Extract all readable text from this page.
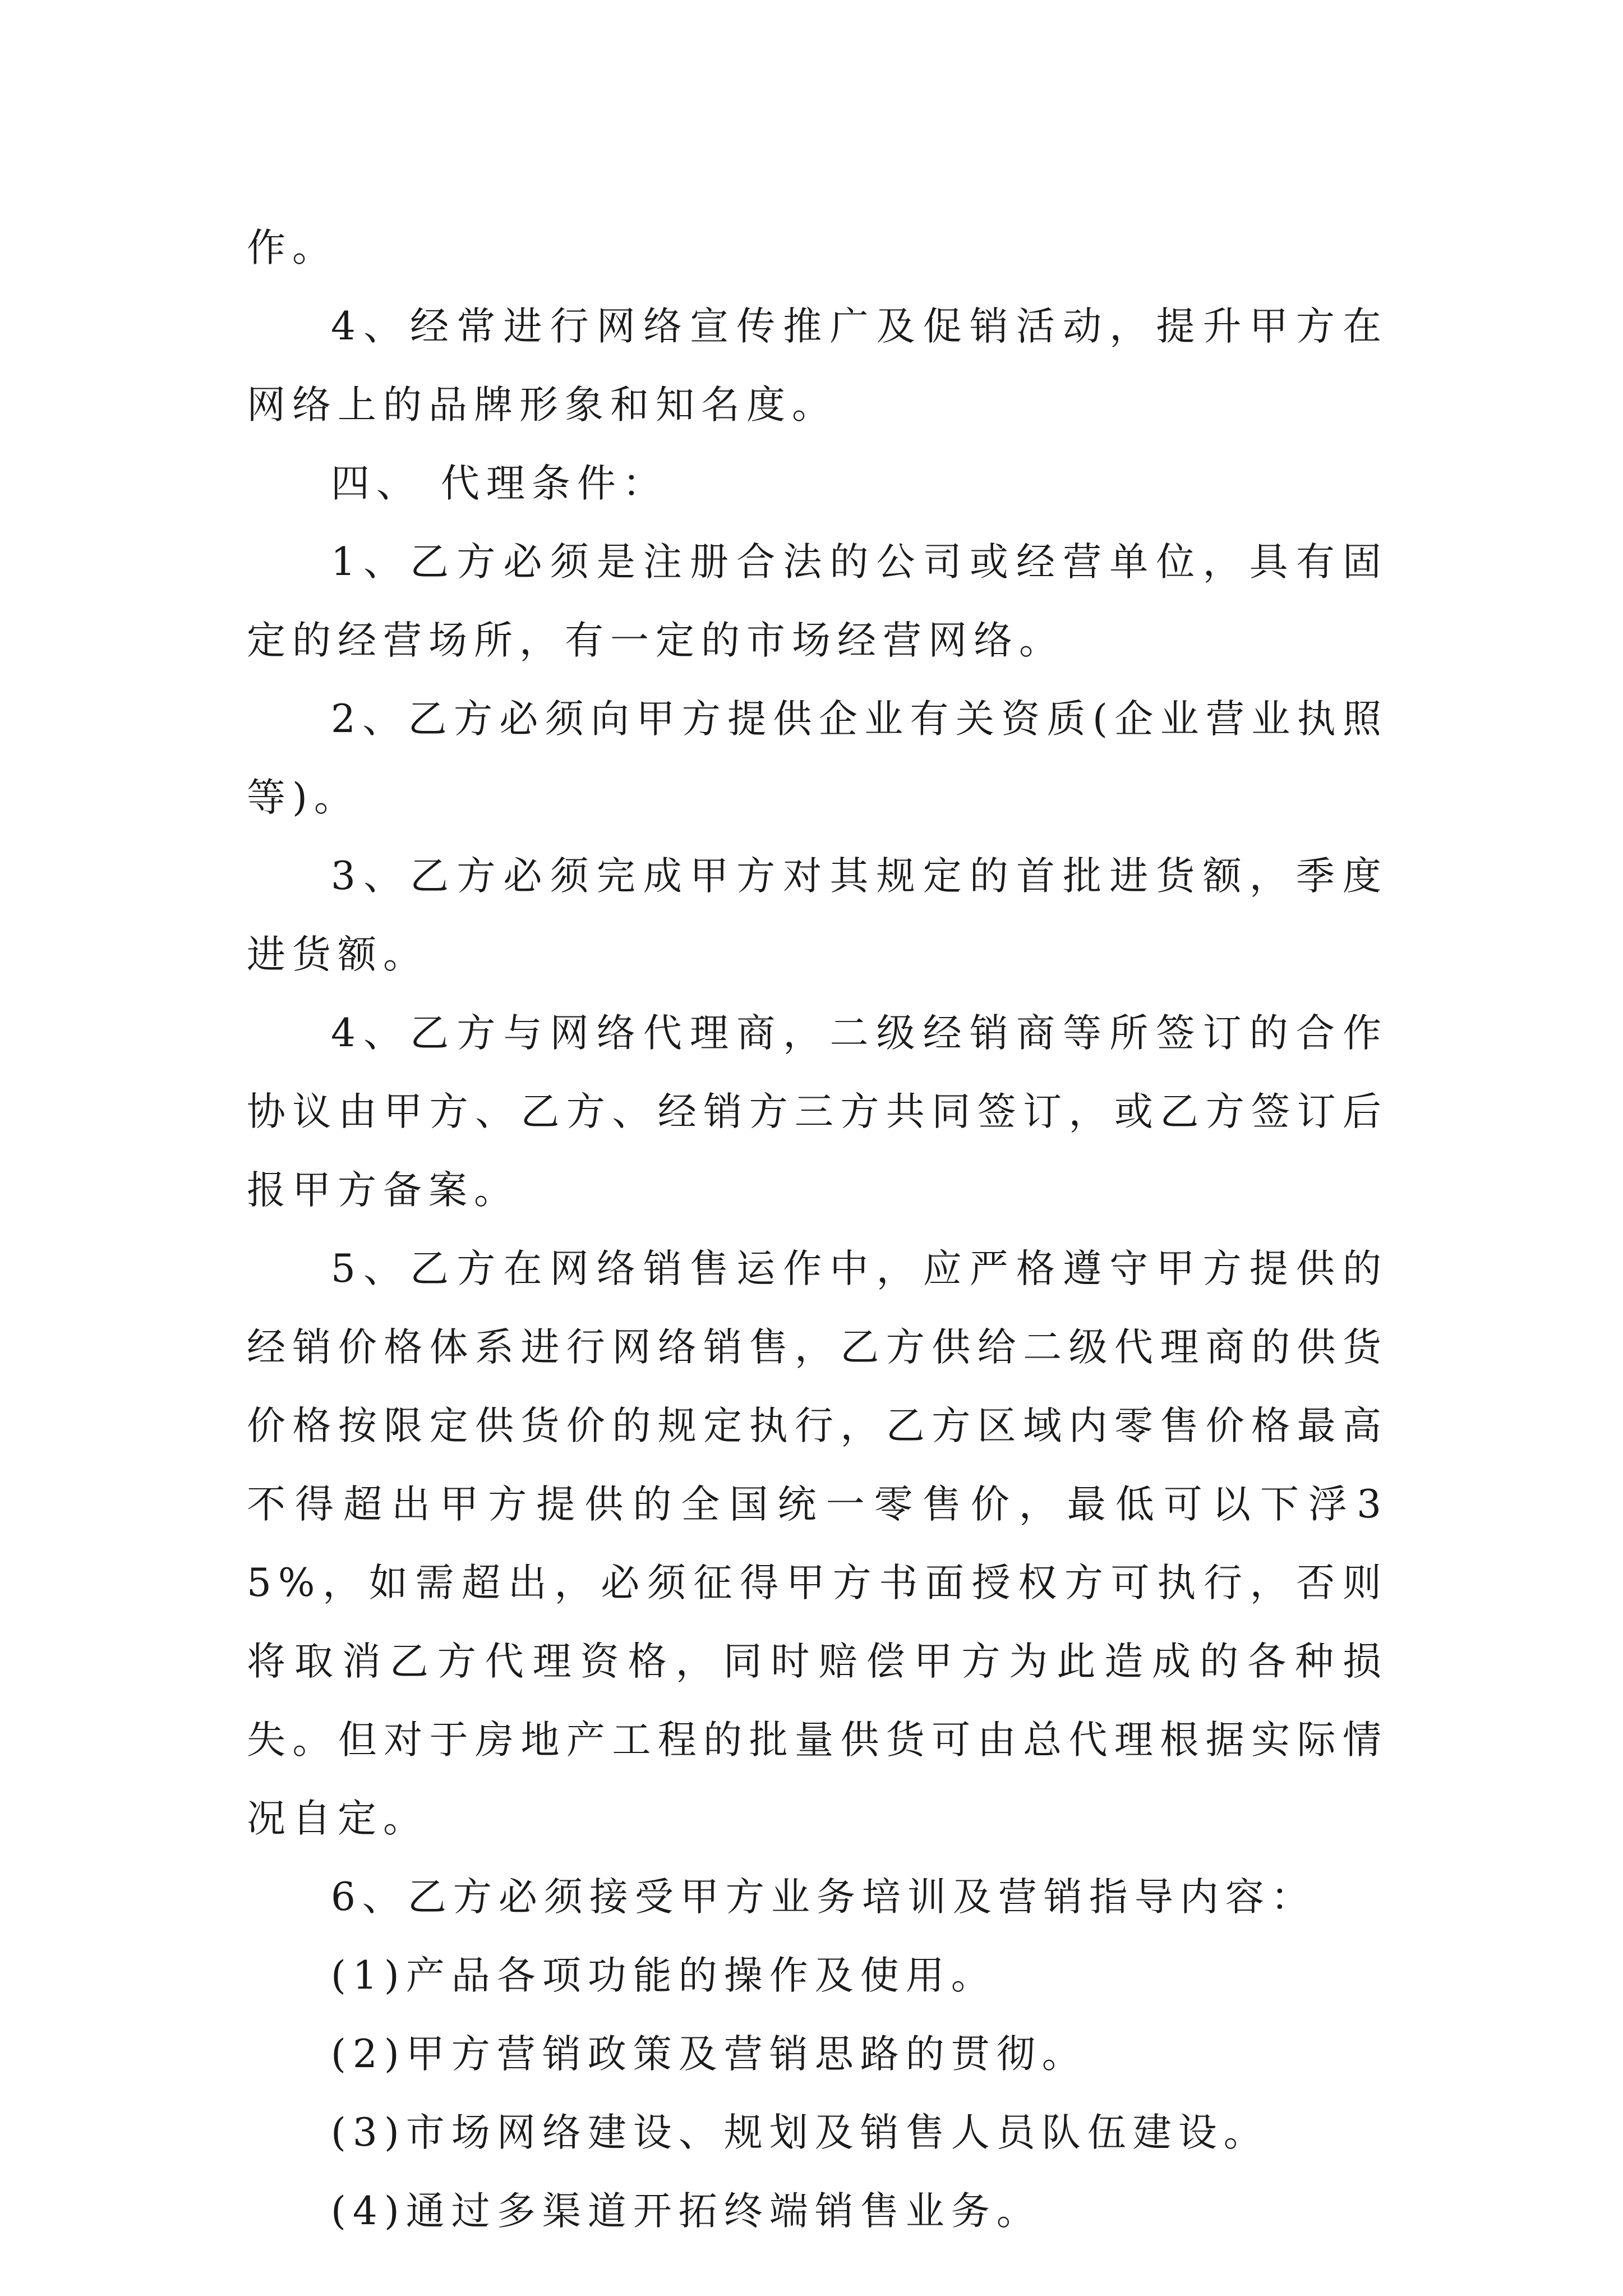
作。

4、经常进行网络宣传推广及促销活动，提升甲方在网络上的品牌形象和知名度。

四、 代理条件：

1、乙方必须是注册合法的公司或经营单位，具有固定的经营场所，有一定的市场经营网络。

2、乙方必须向甲方提供企业有关资质(企业营业执照等)。

3、乙方必须完成甲方对其规定的首批进货额，季度进货额。

4、乙方与网络代理商，二级经销商等所签订的合作协议由甲方、乙方、经销方三方共同签订，或乙方签订后报甲方备案。

5、乙方在网络销售运作中，应严格遵守甲方提供的经销价格体系进行网络销售，乙方供给二级代理商的供货价格按限定供货价的规定执行，乙方区域内零售价格最高不得超出甲方提供的全国统一零售价，最低可以下浮35%，如需超出，必须征得甲方书面授权方可执行，否则将取消乙方代理资格，同时赔偿甲方为此造成的各种损失。但对于房地产工程的批量供货可由总代理根据实际情况自定。

6、乙方必须接受甲方业务培训及营销指导内容：

(1)产品各项功能的操作及使用。

(2)甲方营销政策及营销思路的贯彻。

(3)市场网络建设、规划及销售人员队伍建设。

(4)通过多渠道开拓终端销售业务。
